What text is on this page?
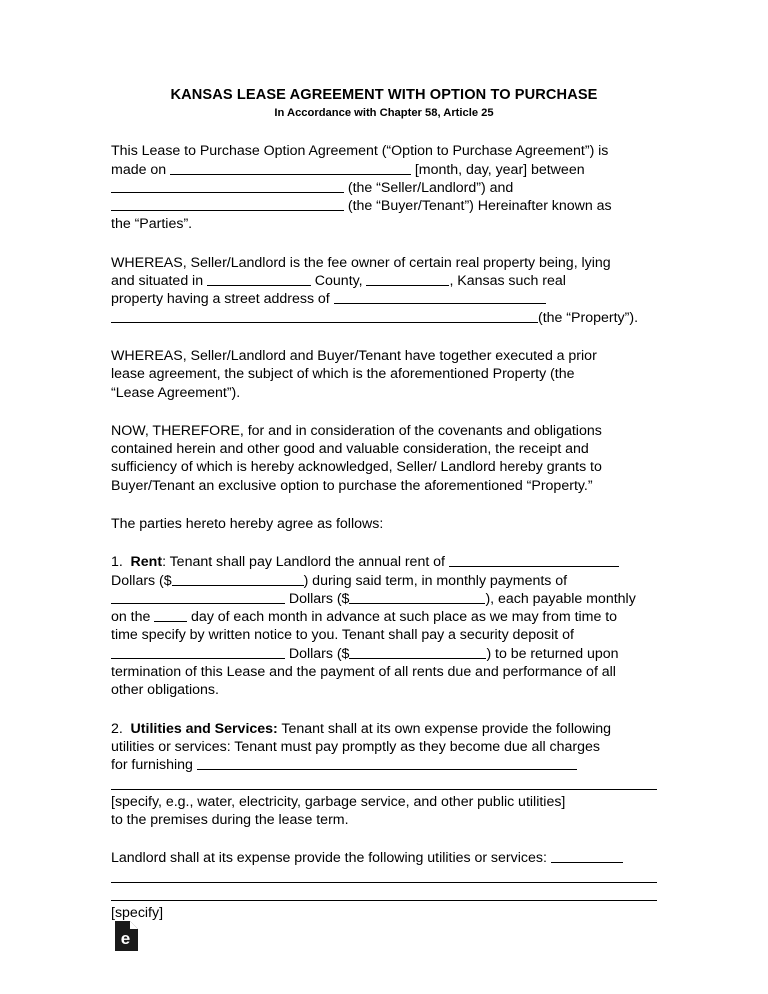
KANSAS LEASE AGREEMENT WITH OPTION TO PURCHASE
In Accordance with Chapter 58, Article 25

This Lease to Purchase Option Agreement (“Option to Purchase Agreement”) is
made on	[month, day, year] between
(the “Seller/Landlord”) and
(the “Buyer/Tenant”) Hereinafter known as
the “Parties”.

WHEREAS, Seller/Landlord is the fee owner of certain real property being, lying
and situated in	County,	, Kansas such real
property having a street address of
(the “Property”).

WHEREAS, Seller/Landlord and Buyer/Tenant have together executed a prior
lease agreement, the subject of which is the aforementioned Property (the
“Lease Agreement”).

NOW, THEREFORE, for and in consideration of the covenants and obligations
contained herein and other good and valuable consideration, the receipt and
sufficiency of which is hereby acknowledged, Seller/ Landlord hereby grants to
Buyer/Tenant an exclusive option to purchase the aforementioned “Property.”

The parties hereto hereby agree as follows:

1. Rent: Tenant shall pay Landlord the annual rent of
Dollars ($	) during said term, in monthly payments of
Dollars ($	), each payable monthly
on the	day of each month in advance at such place as we may from time to
time specify by written notice to you. Tenant shall pay a security deposit of
Dollars ($	) to be returned upon
termination of this Lease and the payment of all rents due and performance of all
other obligations.

2. Utilities and Services: Tenant shall at its own expense provide the following
utilities or services: Tenant must pay promptly as they become due all charges
for furnishing

[specify, e.g., water, electricity, garbage service, and other public utilities]
to the premises during the lease term.

Landlord shall at its expense provide the following utilities or services:

[specify]

e
